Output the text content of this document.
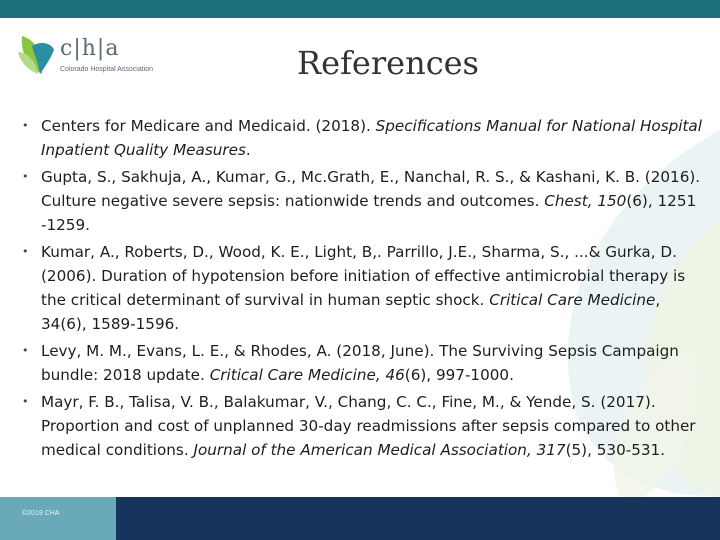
c|h|a
Colorado Hospital Association	References
• Centers for Medicare and Medicaid. (2018). Specifications Manual for National Hospital Inpatient Quality Measures.
• Gupta, S., Sakhuja, A., Kumar, G., Mc.Grath, E., Nanchal, R. S., & Kashani, K. B. (2016). Culture negative severe sepsis: nationwide trends and outcomes. Chest, 150(6), 1251 -1259.
• Kumar, A., Roberts, D., Wood, K. E., Light, B,. Parrillo, J.E., Sharma, S., ...& Gurka, D. (2006). Duration of hypotension before initiation of effective antimicrobial therapy is the critical determinant of survival in human septic shock. Critical Care Medicine, 34(6), 1589-1596.
• Levy, M. M., Evans, L. E., & Rhodes, A. (2018, June). The Surviving Sepsis Campaign bundle: 2018 update. Critical Care Medicine, 46(6), 997-1000.
• Mayr, F. B., Talisa, V. B., Balakumar, V., Chang, C. C., Fine, M., & Yende, S. (2017). Proportion and cost of unplanned 30-day readmissions after sepsis compared to other medical conditions. Journal of the American Medical Association, 317(5), 530-531.
©2019 CHA
